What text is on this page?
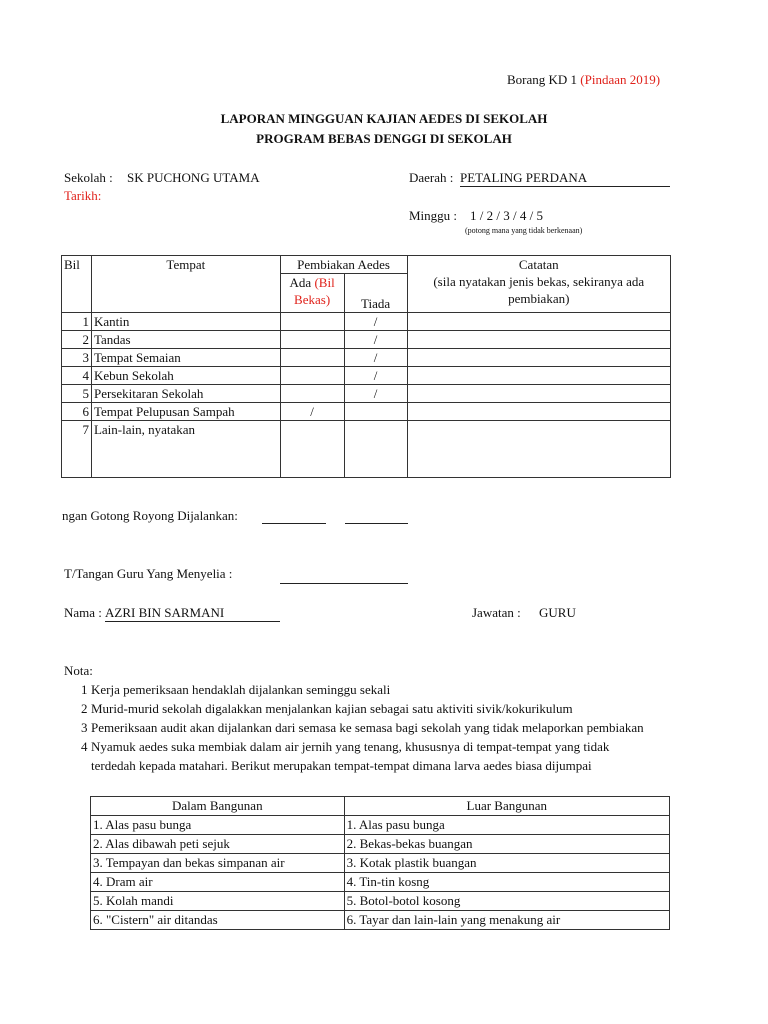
Borang KD 1 (Pindaan 2019)
LAPORAN MINGGUAN KAJIAN AEDES DI SEKOLAH
PROGRAM BEBAS DENGGI DI SEKOLAH
Sekolah : SK PUCHONG UTAMA	Daerah : PETALING PERDANA
Tarikh:
Minggu : 1 / 2 / 3 / 4 / 5
(potong mana yang tidak berkenaan)
Bil	Tempat	Pembiakan Aedes		Catatan
(sila nyatakan jenis bekas, sekiranya ada pembiakan)

		Ada (Bil
Bekas)	Tiada	
1	Kantin		/	
2	Tandas		/	
3	Tempat Semaian		/	
4	Kebun Sekolah		/	
5	Persekitaran Sekolah		/	
6	Tempat Pelupusan Sampah	/		
7	Lain-lain, nyatakan			
ngan Gotong Royong Dijalankan:
T/Tangan Guru Yang Menyelia :
Nama : AZRI BIN SARMANI	Jawatan : GURU
Nota:
1 Kerja pemeriksaan hendaklah dijalankan seminggu sekali
2 Murid-murid sekolah digalakkan menjalankan kajian sebagai satu aktiviti sivik/kokurikulum
3 Pemeriksaan audit akan dijalankan dari semasa ke semasa bagi sekolah yang tidak melaporkan pembiakan
4 Nyamuk aedes suka membiak dalam air jernih yang tenang, khususnya di tempat-tempat yang tidak
terdedah kepada matahari. Berikut merupakan tempat-tempat dimana larva aedes biasa dijumpai
Dalam Bangunan	Luar Bangunan
1. Alas pasu bunga	1. Alas pasu bunga
2. Alas dibawah peti sejuk	2. Bekas-bekas buangan
3. Tempayan dan bekas simpanan air	3. Kotak plastik buangan
4. Dram air	4. Tin-tin kosng
5. Kolah mandi	5. Botol-botol kosong
6. "Cistern" air ditandas	6. Tayar dan lain-lain yang menakung air
